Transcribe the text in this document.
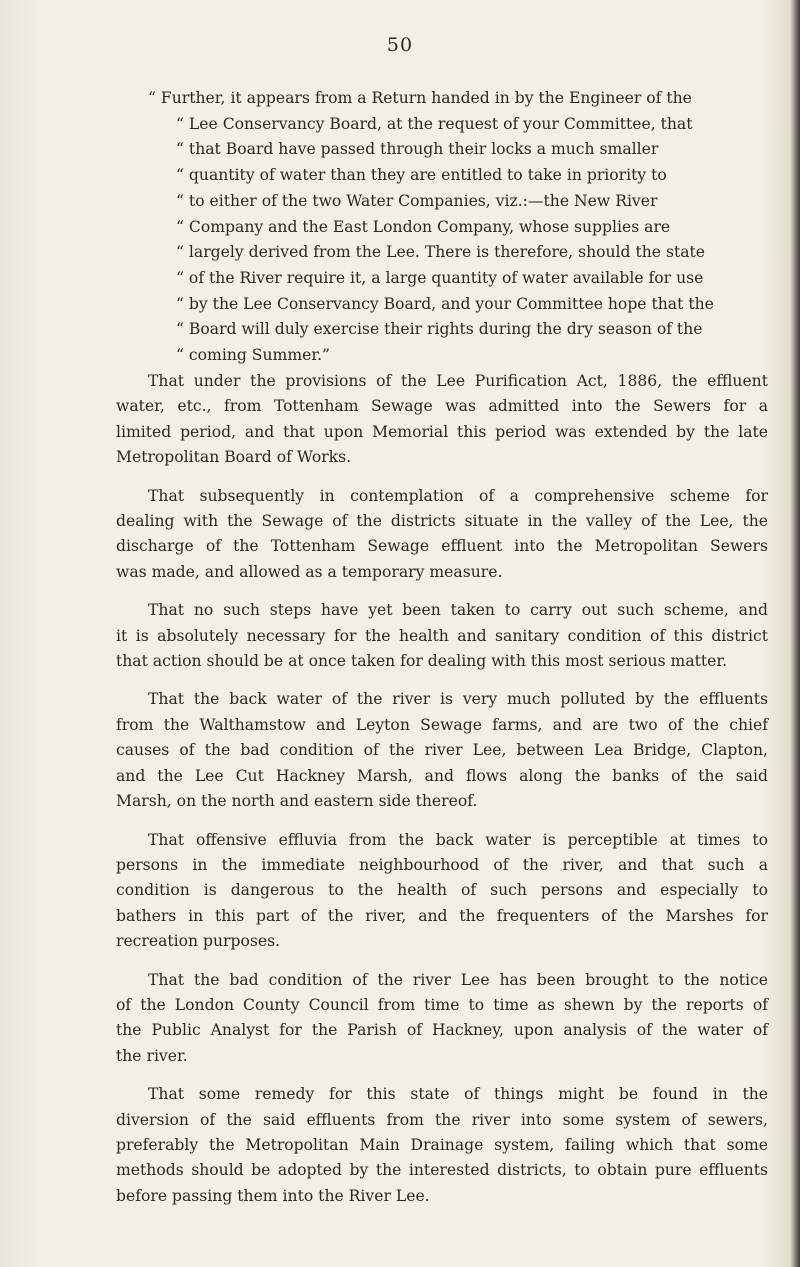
50
“ Further, it appears from a Return handed in by the Engineer of the
“ Lee Conservancy Board, at the request of your Committee, that
“ that Board have passed through their locks a much smaller
“ quantity of water than they are entitled to take in priority to
“ to either of the two Water Companies, viz.:—the New River
“ Company and the East London Company, whose supplies are
“ largely derived from the Lee. There is therefore, should the state
“ of the River require it, a large quantity of water available for use
“ by the Lee Conservancy Board, and your Committee hope that the
“ Board will duly exercise their rights during the dry season of the
“ coming Summer.”
That under the provisions of the Lee Purification Act, 1886, the effluent
water, etc., from Tottenham Sewage was admitted into the Sewers for a
limited period, and that upon Memorial this period was extended by the late
Metropolitan Board of Works.
That subsequently in contemplation of a comprehensive scheme for
dealing with the Sewage of the districts situate in the valley of the Lee, the
discharge of the Tottenham Sewage effluent into the Metropolitan Sewers
was made, and allowed as a temporary measure.
That no such steps have yet been taken to carry out such scheme, and
it is absolutely necessary for the health and sanitary condition of this district
that action should be at once taken for dealing with this most serious matter.
That the back water of the river is very much polluted by the effluents
from the Walthamstow and Leyton Sewage farms, and are two of the chief
causes of the bad condition of the river Lee, between Lea Bridge, Clapton,
and the Lee Cut Hackney Marsh, and flows along the banks of the said
Marsh, on the north and eastern side thereof.
That offensive effluvia from the back water is perceptible at times to
persons in the immediate neighbourhood of the river, and that such a
condition is dangerous to the health of such persons and especially to
bathers in this part of the river, and the frequenters of the Marshes for
recreation purposes.
That the bad condition of the river Lee has been brought to the notice
of the London County Council from time to time as shewn by the reports of
the Public Analyst for the Parish of Hackney, upon analysis of the water of
the river.
That some remedy for this state of things might be found in the
diversion of the said effluents from the river into some system of sewers,
preferably the Metropolitan Main Drainage system, failing which that some
methods should be adopted by the interested districts, to obtain pure effluents
before passing them into the River Lee.
